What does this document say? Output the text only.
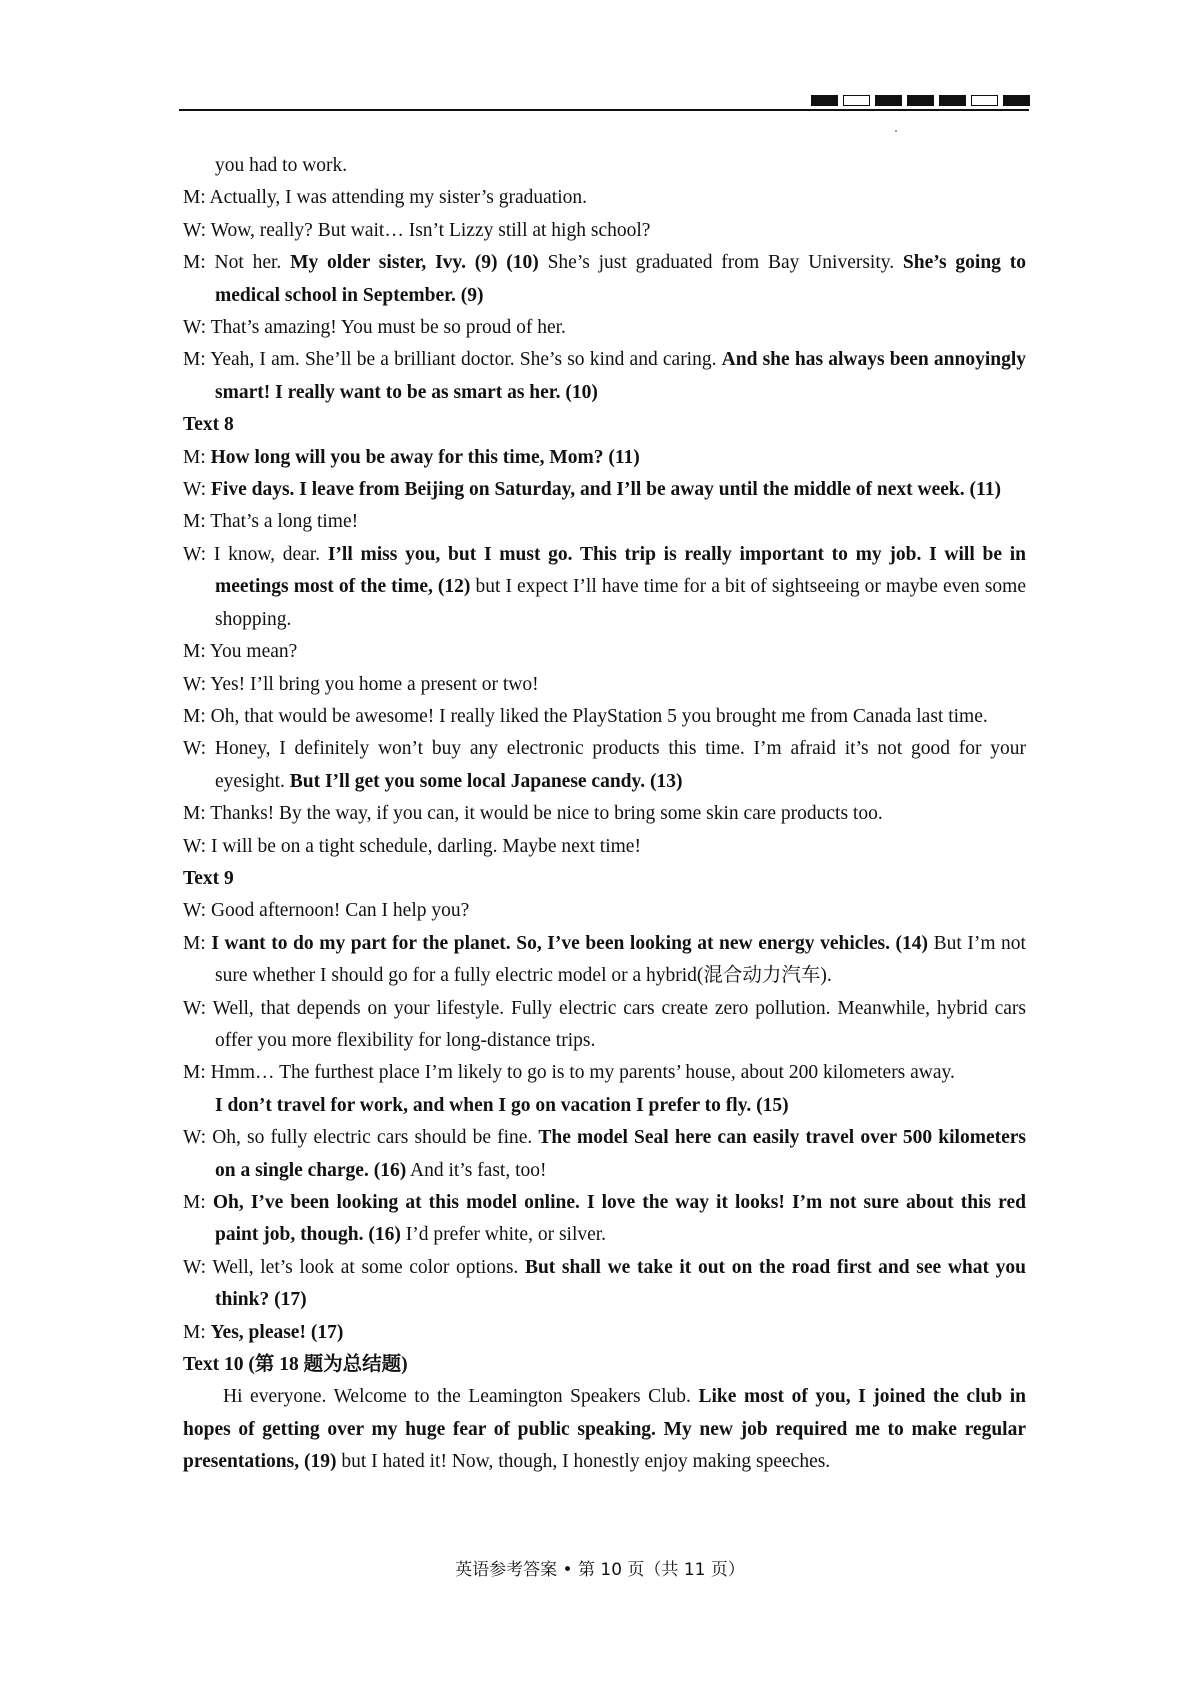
you had to work.

M: Actually, I was attending my sister’s graduation.

W: Wow, really? But wait… Isn’t Lizzy still at high school?

M: Not her. My older sister, Ivy. (9) (10) She’s just graduated from Bay University. She’s going to medical school in September. (9)

W: That’s amazing! You must be so proud of her.

M: Yeah, I am. She’ll be a brilliant doctor. She’s so kind and caring. And she has always been annoyingly smart! I really want to be as smart as her. (10)

Text 8

M: How long will you be away for this time, Mom? (11)

W: Five days. I leave from Beijing on Saturday, and I’ll be away until the middle of next week. (11)

M: That’s a long time!

W: I know, dear. I’ll miss you, but I must go. This trip is really important to my job. I will be in meetings most of the time, (12) but I expect I’ll have time for a bit of sightseeing or maybe even some shopping.

M: You mean?

W: Yes! I’ll bring you home a present or two!

M: Oh, that would be awesome! I really liked the PlayStation 5 you brought me from Canada last time.

W: Honey, I definitely won’t buy any electronic products this time. I’m afraid it’s not good for your eyesight. But I’ll get you some local Japanese candy. (13)

M: Thanks! By the way, if you can, it would be nice to bring some skin care products too.

W: I will be on a tight schedule, darling. Maybe next time!

Text 9

W: Good afternoon! Can I help you?

M: I want to do my part for the planet. So, I’ve been looking at new energy vehicles. (14) But I’m not sure whether I should go for a fully electric model or a hybrid(混合动力汽车).

W: Well, that depends on your lifestyle. Fully electric cars create zero pollution. Meanwhile, hybrid cars offer you more flexibility for long-distance trips.

M: Hmm… The furthest place I’m likely to go is to my parents’ house, about 200 kilometers away.
I don’t travel for work, and when I go on vacation I prefer to fly. (15)

W: Oh, so fully electric cars should be fine. The model Seal here can easily travel over 500 kilometers on a single charge. (16) And it’s fast, too!

M: Oh, I’ve been looking at this model online. I love the way it looks! I’m not sure about this red paint job, though. (16) I’d prefer white, or silver.

W: Well, let’s look at some color options. But shall we take it out on the road first and see what you think? (17)

M: Yes, please! (17)

Text 10 (第 18 题为总结题)

Hi everyone. Welcome to the Leamington Speakers Club. Like most of you, I joined the club in hopes of getting over my huge fear of public speaking. My new job required me to make regular presentations, (19) but I hated it! Now, though, I honestly enjoy making speeches.

英语参考答案 • 第 10 页（共 11 页）
